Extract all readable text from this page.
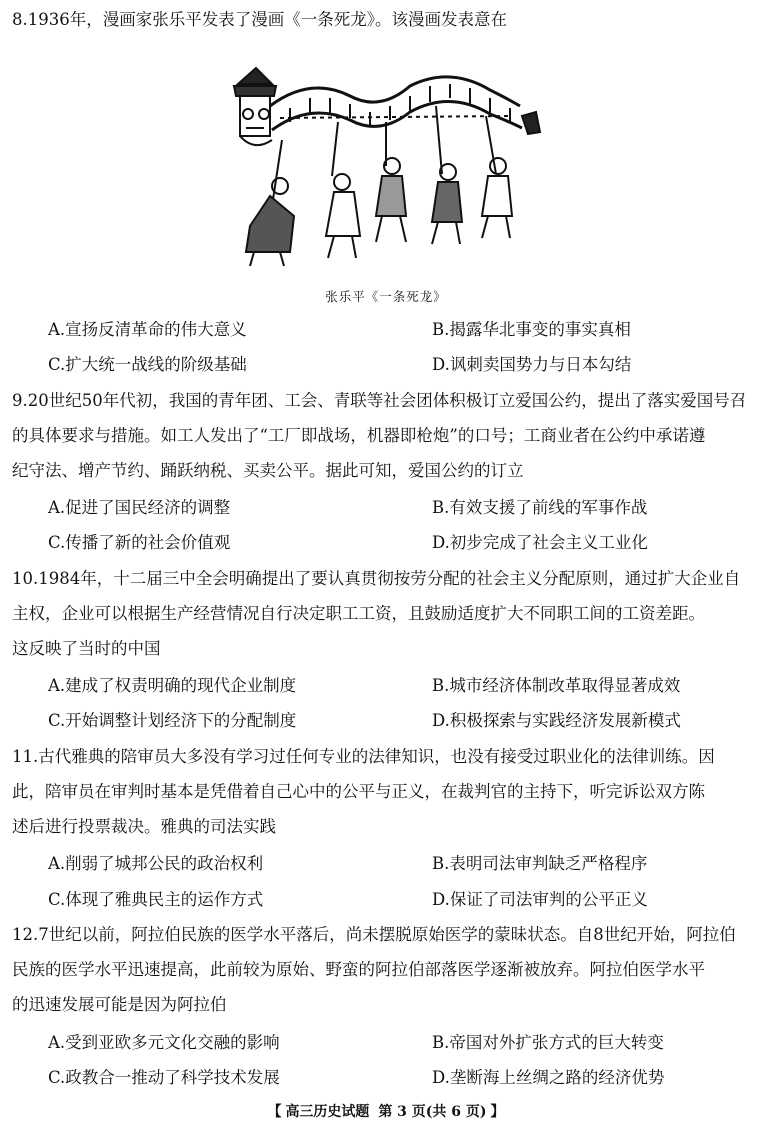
8.1936年，漫画家张乐平发表了漫画《一条死龙》。该漫画发表意在
张乐平《一条死龙》
A.宣扬反清革命的伟大意义	B.揭露华北事变的事实真相
C.扩大统一战线的阶级基础	D.讽刺卖国势力与日本勾结
9.20世纪50年代初，我国的青年团、工会、青联等社会团体积极订立爱国公约，提出了落实爱国号召
的具体要求与措施。如工人发出了“工厂即战场，机器即枪炮”的口号；工商业者在公约中承诺遵
纪守法、增产节约、踊跃纳税、买卖公平。据此可知，爱国公约的订立
A.促进了国民经济的调整	B.有效支援了前线的军事作战
C.传播了新的社会价值观	D.初步完成了社会主义工业化
10.1984年，十二届三中全会明确提出了要认真贯彻按劳分配的社会主义分配原则，通过扩大企业自
主权，企业可以根据生产经营情况自行决定职工工资，且鼓励适度扩大不同职工间的工资差距。
这反映了当时的中国
A.建成了权责明确的现代企业制度	B.城市经济体制改革取得显著成效
C.开始调整计划经济下的分配制度	D.积极探索与实践经济发展新模式
11.古代雅典的陪审员大多没有学习过任何专业的法律知识，也没有接受过职业化的法律训练。因
此，陪审员在审判时基本是凭借着自己心中的公平与正义，在裁判官的主持下，听完诉讼双方陈
述后进行投票裁决。雅典的司法实践
A.削弱了城邦公民的政治权利	B.表明司法审判缺乏严格程序
C.体现了雅典民主的运作方式	D.保证了司法审判的公平正义
12.7世纪以前，阿拉伯民族的医学水平落后，尚未摆脱原始医学的蒙昧状态。自8世纪开始，阿拉伯
民族的医学水平迅速提高，此前较为原始、野蛮的阿拉伯部落医学逐渐被放弃。阿拉伯医学水平
的迅速发展可能是因为阿拉伯
A.受到亚欧多元文化交融的影响	B.帝国对外扩张方式的巨大转变
C.政教合一推动了科学技术发展	D.垄断海上丝绸之路的经济优势
【 高三历史试题 第 3 页(共 6 页) 】
